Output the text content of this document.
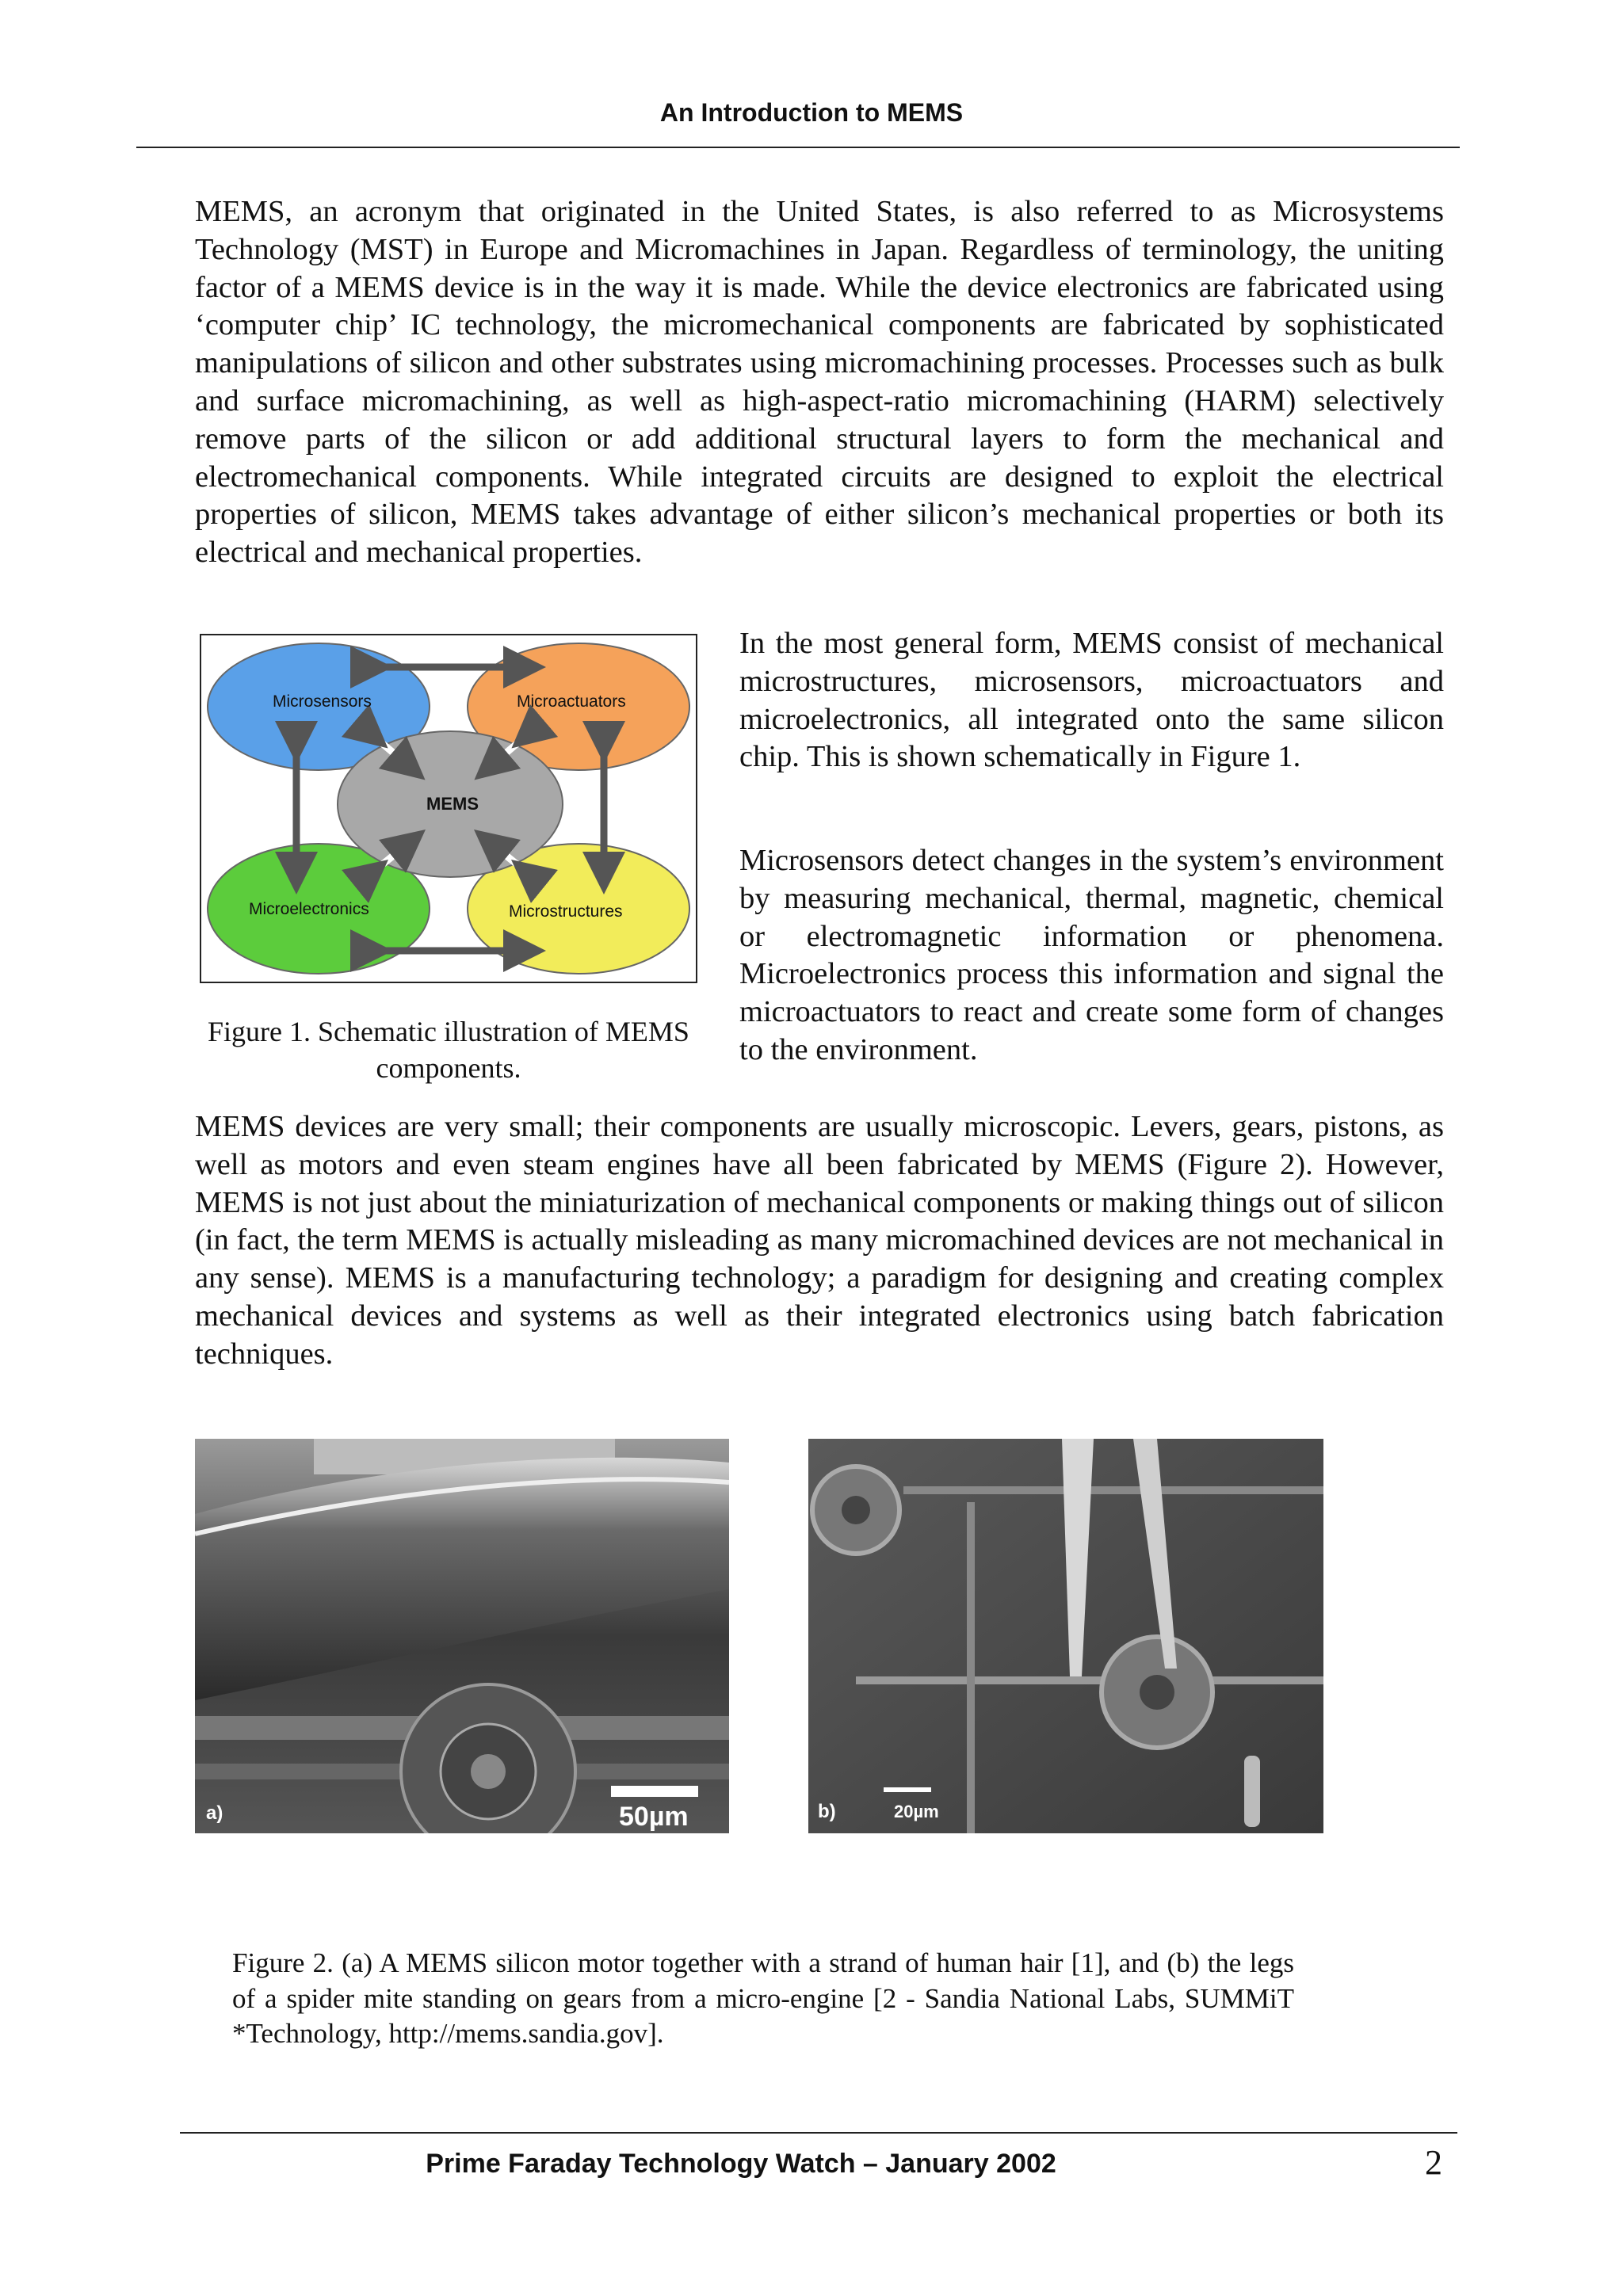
An Introduction to MEMS

MEMS, an acronym that originated in the United States, is also referred to as Microsystems Technology (MST) in Europe and Micromachines in Japan. Regardless of terminology, the uniting factor of a MEMS device is in the way it is made. While the device electronics are fabricated using ‘computer chip’ IC technology, the micromechanical components are fabricated by sophisticated manipulations of silicon and other substrates using micromachining processes. Processes such as bulk and surface micromachining, as well as high-aspect-ratio micromachining (HARM) selectively remove parts of the silicon or add additional structural layers to form the mechanical and electromechanical components. While integrated circuits are designed to exploit the electrical properties of silicon, MEMS takes advantage of either silicon’s mechanical properties or both its electrical and mechanical properties.

Microsensors	Microactuators
MEMS
Microelectronics	Microstructures

In the most general form, MEMS consist of mechanical microstructures, microsensors, microactuators and microelectronics, all integrated onto the same silicon chip. This is shown schematically in Figure 1.

Microsensors detect changes in the system’s environment by measuring mechanical, thermal, magnetic, chemical or electromagnetic information or phenomena. Microelectronics process this information and signal the microactuators to react and create some form of changes to the environment.

Figure 1. Schematic illustration of MEMS components.

MEMS devices are very small; their components are usually microscopic. Levers, gears, pistons, as well as motors and even steam engines have all been fabricated by MEMS (Figure 2). However, MEMS is not just about the miniaturization of mechanical components or making things out of silicon (in fact, the term MEMS is actually misleading as many micromachined devices are not mechanical in any sense). MEMS is a manufacturing technology; a paradigm for designing and creating complex mechanical devices and systems as well as their integrated electronics using batch fabrication techniques.

50µm
a)	20µm
b)
Figure 2. (a) A MEMS silicon motor together with a strand of human hair [1], and (b) the legs of a spider mite standing on gears from a micro-engine [2 - Sandia National Labs, SUMMiT *Technology, http://mems.sandia.gov].
Prime Faraday Technology Watch – January 2002	2
